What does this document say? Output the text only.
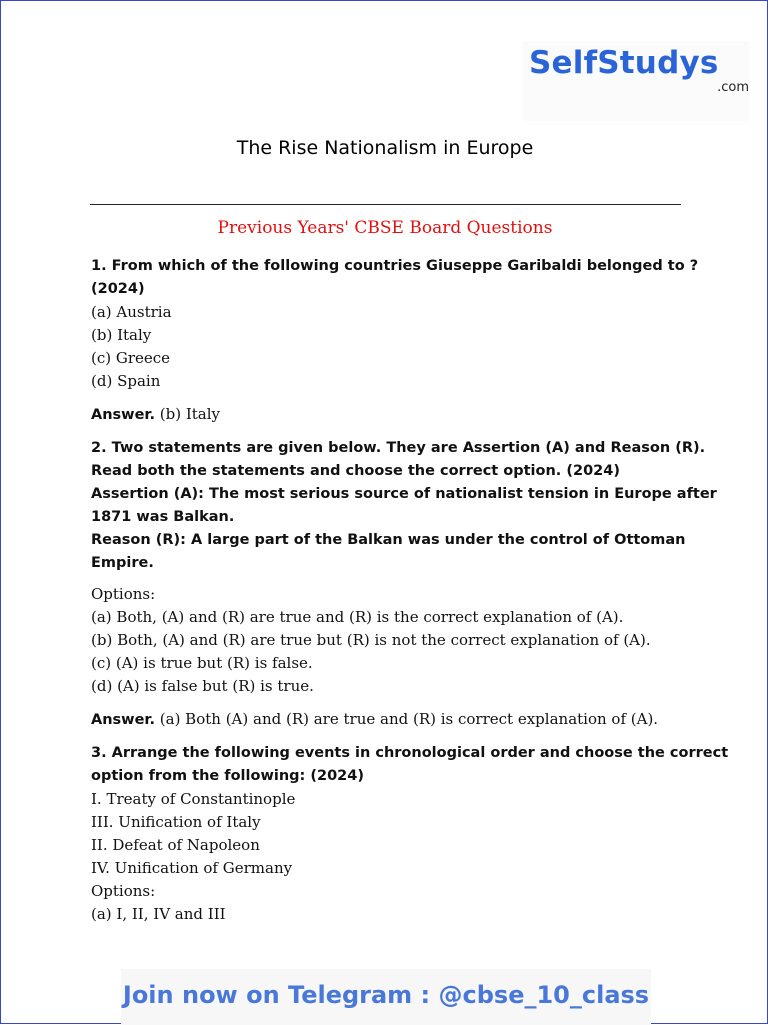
SelfStudys
.com
The Rise Nationalism in Europe
Previous Years' CBSE Board Questions
1. From which of the following countries Giuseppe Garibaldi belonged to ?
(2024)
(a) Austria
(b) Italy
(c) Greece
(d) Spain
Answer. (b) Italy
2. Two statements are given below. They are Assertion (A) and Reason (R).
Read both the statements and choose the correct option. (2024)
Assertion (A): The most serious source of nationalist tension in Europe after
1871 was Balkan.
Reason (R): A large part of the Balkan was under the control of Ottoman
Empire.
Options:
(a) Both, (A) and (R) are true and (R) is the correct explanation of (A).
(b) Both, (A) and (R) are true but (R) is not the correct explanation of (A).
(c) (A) is true but (R) is false.
(d) (A) is false but (R) is true.
Answer. (a) Both (A) and (R) are true and (R) is correct explanation of (A).
3. Arrange the following events in chronological order and choose the correct
option from the following: (2024)
I. Treaty of Constantinople
III. Unification of Italy
II. Defeat of Napoleon
IV. Unification of Germany
Options:
(a) I, II, IV and III
Join now on Telegram : @cbse_10_class
